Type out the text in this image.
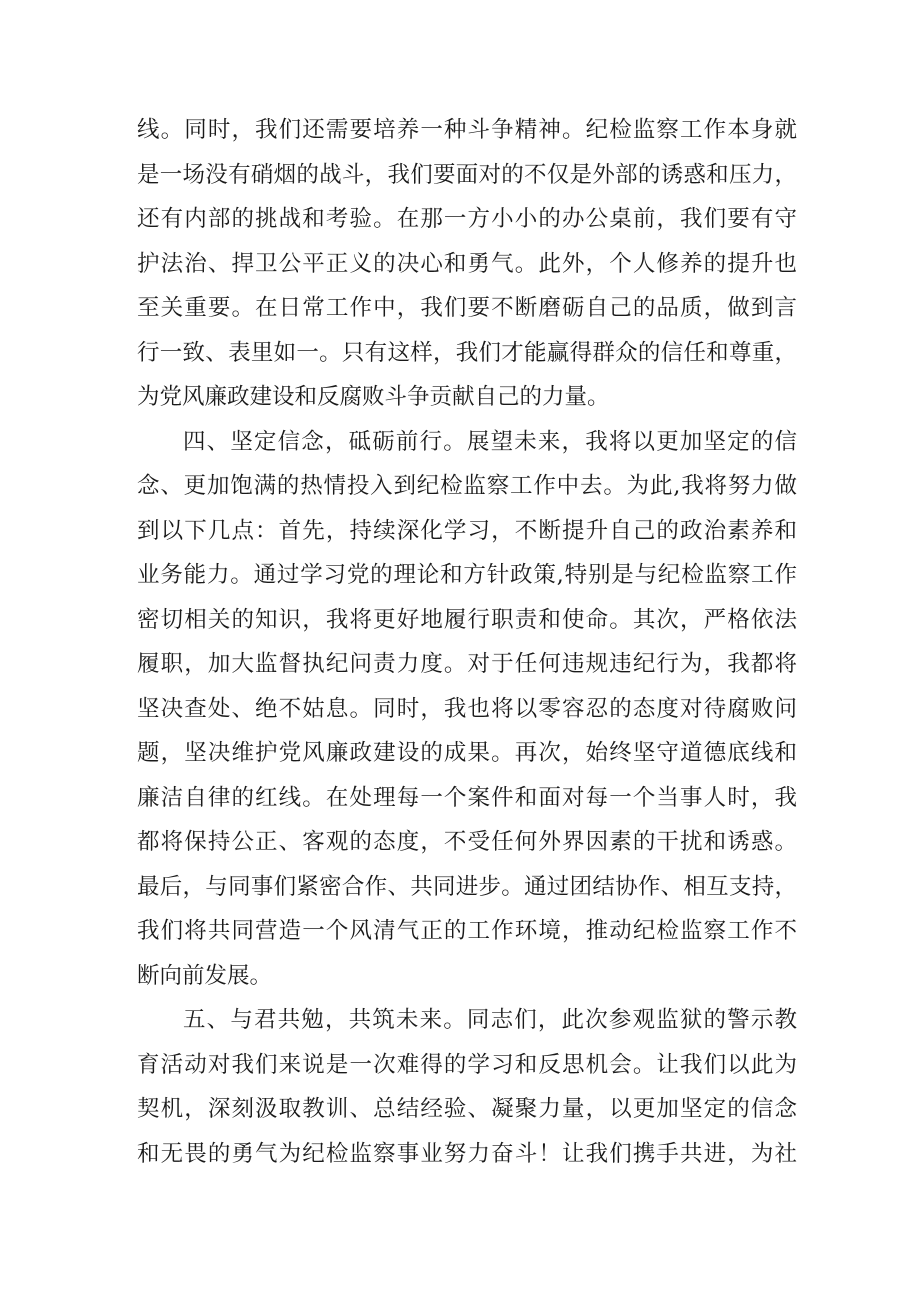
线。同时，我们还需要培养一种斗争精神。纪检监察工作本身就
是一场没有硝烟的战斗，我们要面对的不仅是外部的诱惑和压力，
还有内部的挑战和考验。在那一方小小的办公桌前，我们要有守
护法治、捍卫公平正义的决心和勇气。此外，个人修养的提升也
至关重要。在日常工作中，我们要不断磨砺自己的品质，做到言
行一致、表里如一。只有这样，我们才能赢得群众的信任和尊重，
为党风廉政建设和反腐败斗争贡献自己的力量。
四、坚定信念，砥砺前行。展望未来，我将以更加坚定的信
念、更加饱满的热情投入到纪检监察工作中去。为此,我将努力做
到以下几点：首先，持续深化学习，不断提升自己的政治素养和
业务能力。通过学习党的理论和方针政策,特别是与纪检监察工作
密切相关的知识，我将更好地履行职责和使命。其次，严格依法
履职，加大监督执纪问责力度。对于任何违规违纪行为，我都将
坚决查处、绝不姑息。同时，我也将以零容忍的态度对待腐败问
题，坚决维护党风廉政建设的成果。再次，始终坚守道德底线和
廉洁自律的红线。在处理每一个案件和面对每一个当事人时，我
都将保持公正、客观的态度，不受任何外界因素的干扰和诱惑。
最后，与同事们紧密合作、共同进步。通过团结协作、相互支持，
我们将共同营造一个风清气正的工作环境，推动纪检监察工作不
断向前发展。
五、与君共勉，共筑未来。同志们，此次参观监狱的警示教
育活动对我们来说是一次难得的学习和反思机会。让我们以此为
契机，深刻汲取教训、总结经验、凝聚力量，以更加坚定的信念
和无畏的勇气为纪检监察事业努力奋斗！让我们携手共进，为社
